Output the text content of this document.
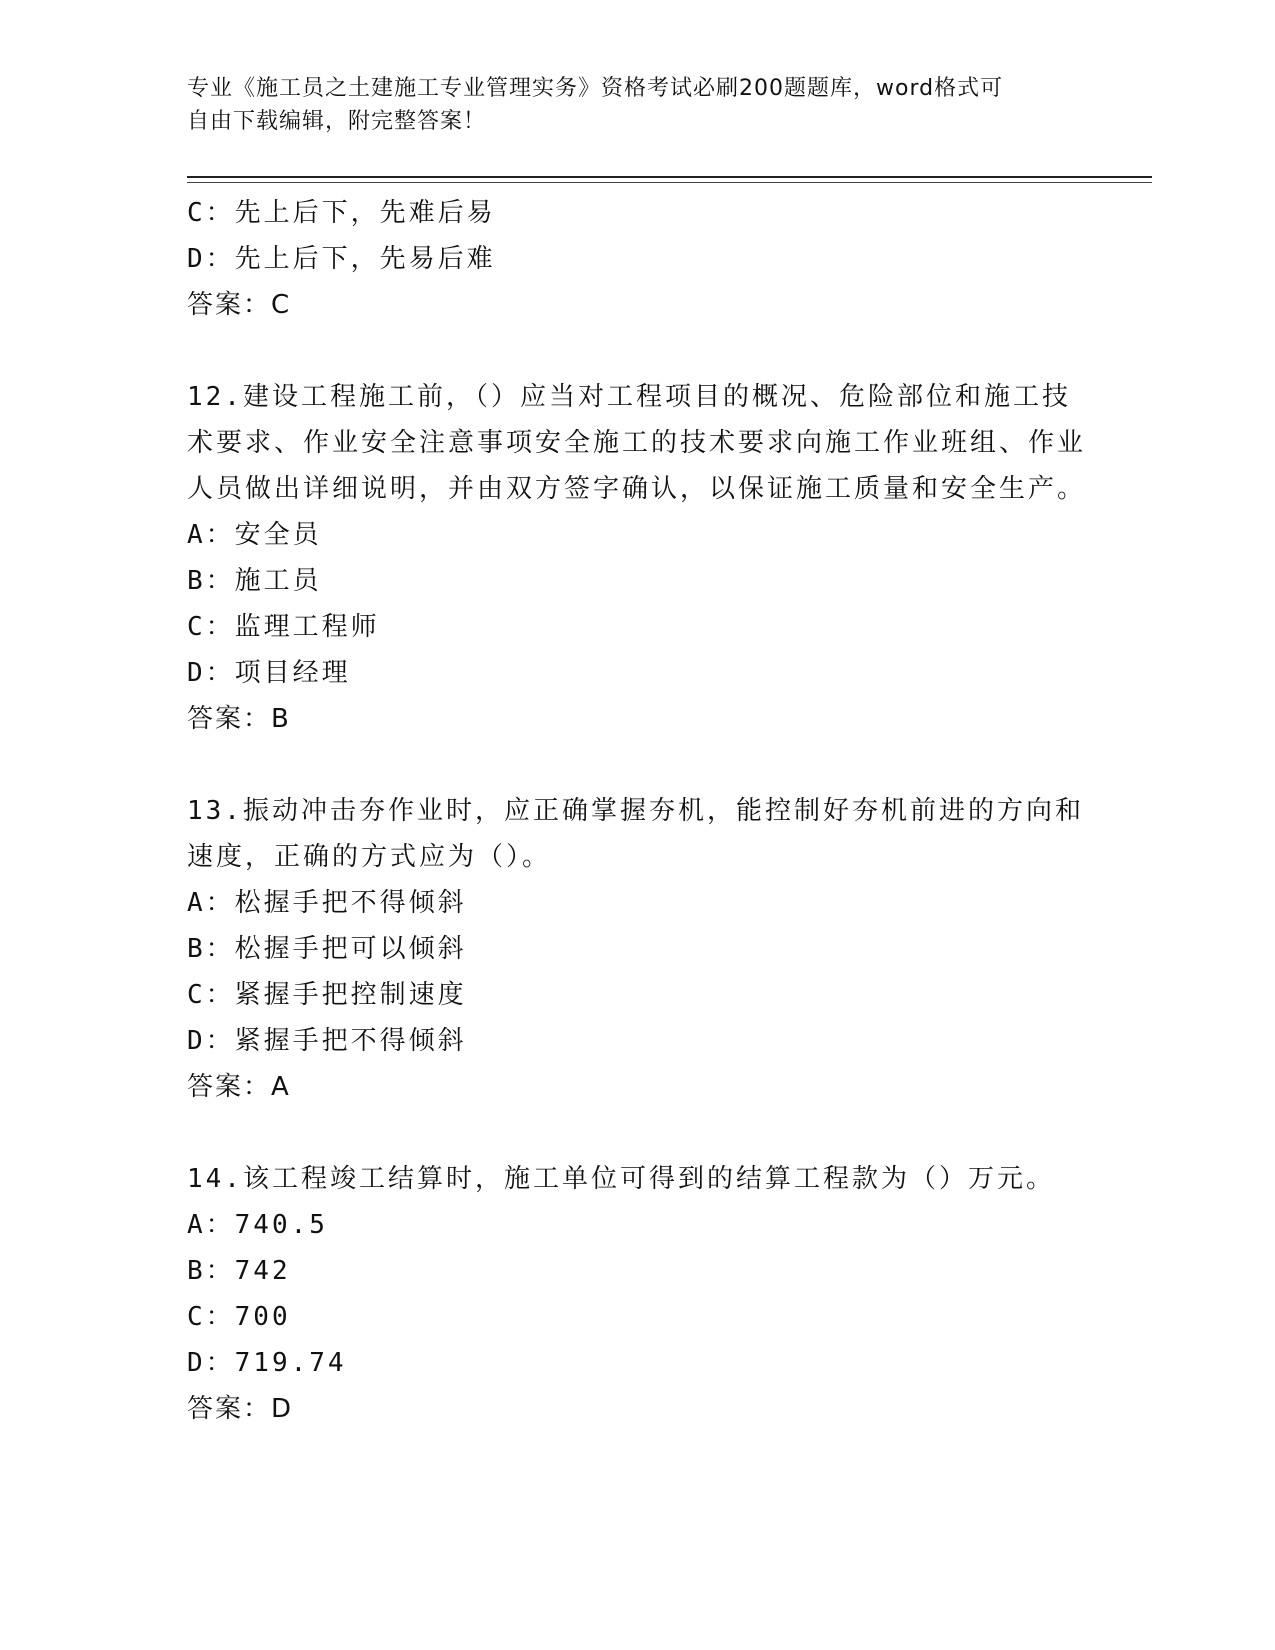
专业《施工员之土建施工专业管理实务》资格考试必刷200题题库，word格式可
自由下载编辑，附完整答案！
C：先上后下，先难后易
D：先上后下，先易后难
答案：C
12.建设工程施工前，（）应当对工程项目的概况、危险部位和施工技术要求、作业安全注意事项安全施工的技术要求向施工作业班组、作业人员做出详细说明，并由双方签字确认，以保证施工质量和安全生产。
A：安全员
B：施工员
C：监理工程师
D：项目经理
答案：B
13.振动冲击夯作业时，应正确掌握夯机，能控制好夯机前进的方向和速度，正确的方式应为（）。
A：松握手把不得倾斜
B：松握手把可以倾斜
C：紧握手把控制速度
D：紧握手把不得倾斜
答案：A
14.该工程竣工结算时，施工单位可得到的结算工程款为（）万元。
A：740.5
B：742
C：700
D：719.74
答案：D
